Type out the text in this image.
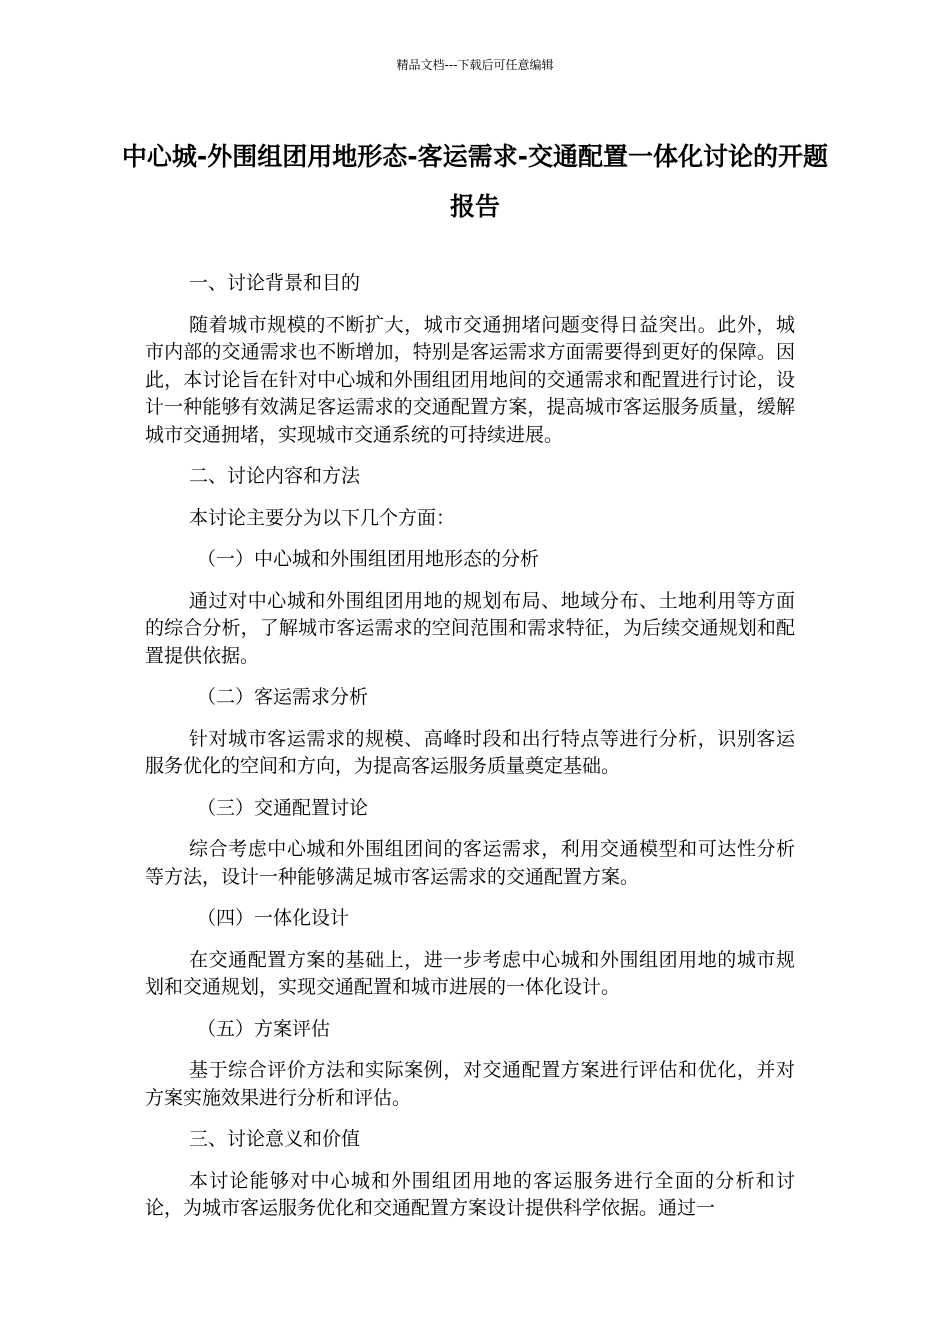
精品文档---下载后可任意编辑
中心城-外围组团用地形态-客运需求-交通配置一体化讨论的开题报告
一、讨论背景和目的
随着城市规模的不断扩大，城市交通拥堵问题变得日益突出。此外，城市内部的交通需求也不断增加，特别是客运需求方面需要得到更好的保障。因此，本讨论旨在针对中心城和外围组团用地间的交通需求和配置进行讨论，设计一种能够有效满足客运需求的交通配置方案，提高城市客运服务质量，缓解城市交通拥堵，实现城市交通系统的可持续进展。
二、讨论内容和方法
本讨论主要分为以下几个方面：
（一）中心城和外围组团用地形态的分析
通过对中心城和外围组团用地的规划布局、地域分布、土地利用等方面的综合分析，了解城市客运需求的空间范围和需求特征，为后续交通规划和配置提供依据。
（二）客运需求分析
针对城市客运需求的规模、高峰时段和出行特点等进行分析，识别客运服务优化的空间和方向，为提高客运服务质量奠定基础。
（三）交通配置讨论
综合考虑中心城和外围组团间的客运需求，利用交通模型和可达性分析等方法，设计一种能够满足城市客运需求的交通配置方案。
（四）一体化设计
在交通配置方案的基础上，进一步考虑中心城和外围组团用地的城市规划和交通规划，实现交通配置和城市进展的一体化设计。
（五）方案评估
基于综合评价方法和实际案例，对交通配置方案进行评估和优化，并对方案实施效果进行分析和评估。
三、讨论意义和价值
本讨论能够对中心城和外围组团用地的客运服务进行全面的分析和讨论，为城市客运服务优化和交通配置方案设计提供科学依据。通过一
